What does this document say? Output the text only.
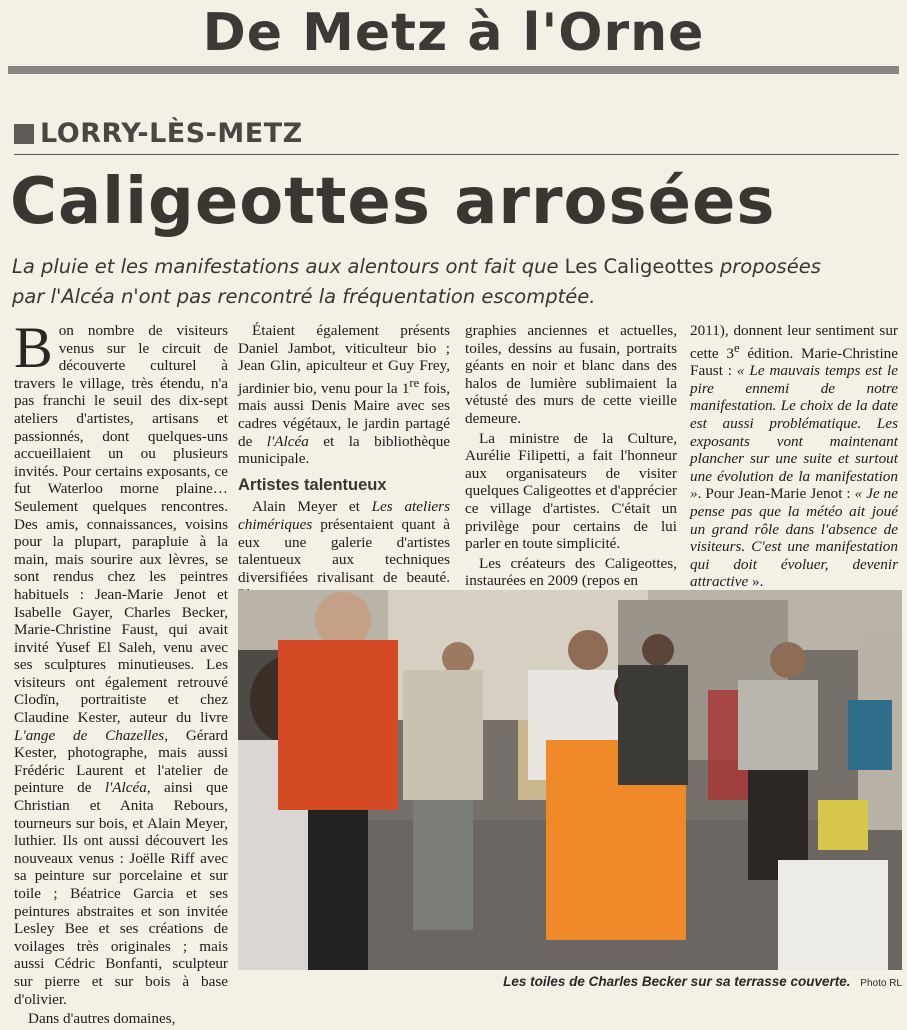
De Metz à l'Orne
LORRY-LÈS-METZ
Caligeottes arrosées
La pluie et les manifestations aux alentours ont fait que Les Caligeottes proposées
par l'Alcéa n'ont pas rencontré la fréquentation escomptée.

Bon nombre de visiteurs venus sur le circuit de découverte culturel à travers le village, très étendu, n'a pas franchi le seuil des dix-sept ateliers d'artistes, artisans et passionnés, dont quelques-uns accueillaient un ou plusieurs invités. Pour certains exposants, ce fut Waterloo morne plaine… Seulement quelques rencontres. Des amis, connaissances, voisins pour la plupart, parapluie à la main, mais sourire aux lèvres, se sont rendus chez les peintres habituels : Jean-Marie Jenot et Isabelle Gayer, Charles Becker, Marie-Christine Faust, qui avait invité Yusef El Saleh, venu avec ses sculptures minutieuses. Les visiteurs ont également retrouvé Clodïn, portraitiste et chez Claudine Kester, auteur du livre L'ange de Chazelles, Gérard Kester, photographe, mais aussi Frédéric Laurent et l'atelier de peinture de l'Alcéa, ainsi que Christian et Anita Rebours, tourneurs sur bois, et Alain Meyer, luthier. Ils ont aussi découvert les nouveaux venus : Joëlle Riff avec sa peinture sur porcelaine et sur toile ; Béatrice Garcia et ses peintures abstraites et son invitée Lesley Bee et ses créations de voilages très originales ; mais aussi Cédric Bonfanti, sculpteur sur pierre et sur bois à base d'olivier.

Dans d'autres domaines,

Étaient également présents Daniel Jambot, viticulteur bio ; Jean Glin, apiculteur et Guy Frey, jardinier bio, venu pour la 1re fois, mais aussi Denis Maire avec ses cadres végétaux, le jardin partagé de l'Alcéa et la bibliothèque municipale.

Artistes talentueux

Alain Meyer et Les ateliers chimériques présentaient quant à eux une galerie d'artistes talentueux aux techniques diversifiées rivalisant de beauté.

graphies anciennes et actuelles, toiles, dessins au fusain, portraits géants en noir et blanc dans des halos de lumière sublimaient la vétusté des murs de cette vieille demeure.

La ministre de la Culture, Aurélie Filipetti, a fait l'honneur aux organisateurs de visiter quelques Caligeottes et d'apprécier ce village d'artistes. C'était un privilège pour certains de lui parler en toute simplicité.

Les créateurs des Caligeottes, instaurées en 2009 (repos en

2011), donnent leur sentiment sur cette 3e édition. Marie-Christine Faust : « Le mauvais temps est le pire ennemi de notre manifestation. Le choix de la date est aussi problématique. Les exposants vont maintenant plancher sur une suite et surtout une évolution de la manifestation ». Pour Jean-Marie Jenot : « Je ne pense pas que la météo ait joué un grand rôle dans l'absence de visiteurs. C'est une manifestation qui doit évoluer, devenir attractive ».

Les toiles de Charles Becker sur sa terrasse couverte. Photo RL
